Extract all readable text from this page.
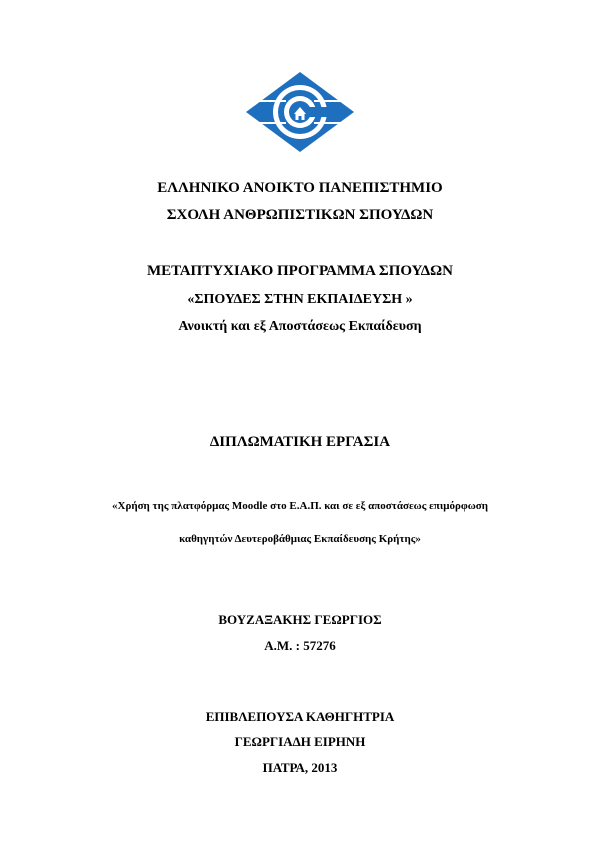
ΕΛΛΗΝΙΚΟ ΑΝΟΙΚΤΟ ΠΑΝΕΠΙΣΤΗΜΙΟ
ΣΧΟΛΗ ΑΝΘΡΩΠΙΣΤΙΚΩΝ ΣΠΟΥΔΩΝ
ΜΕΤΑΠΤΥΧΙΑΚΟ ΠΡΟΓΡΑΜΜΑ ΣΠΟΥΔΩΝ
«ΣΠΟΥΔΕΣ ΣΤΗΝ ΕΚΠΑΙΔΕΥΣΗ »
Ανοικτή και εξ Αποστάσεως Εκπαίδευση
ΔΙΠΛΩΜΑΤΙΚΗ ΕΡΓΑΣΙΑ
«Χρήση της πλατφόρμας Moodle στο Ε.Α.Π. και σε εξ αποστάσεως επιμόρφωση
καθηγητών Δευτεροβάθμιας Εκπαίδευσης Κρήτης»
ΒΟΥΖΑΞΑΚΗΣ ΓΕΩΡΓΙΟΣ
Α.Μ. : 57276
ΕΠΙΒΛΕΠΟΥΣΑ ΚΑΘΗΓΗΤΡΙΑ
ΓΕΩΡΓΙΑΔΗ ΕΙΡΗΝΗ
ΠΑΤΡΑ, 2013
